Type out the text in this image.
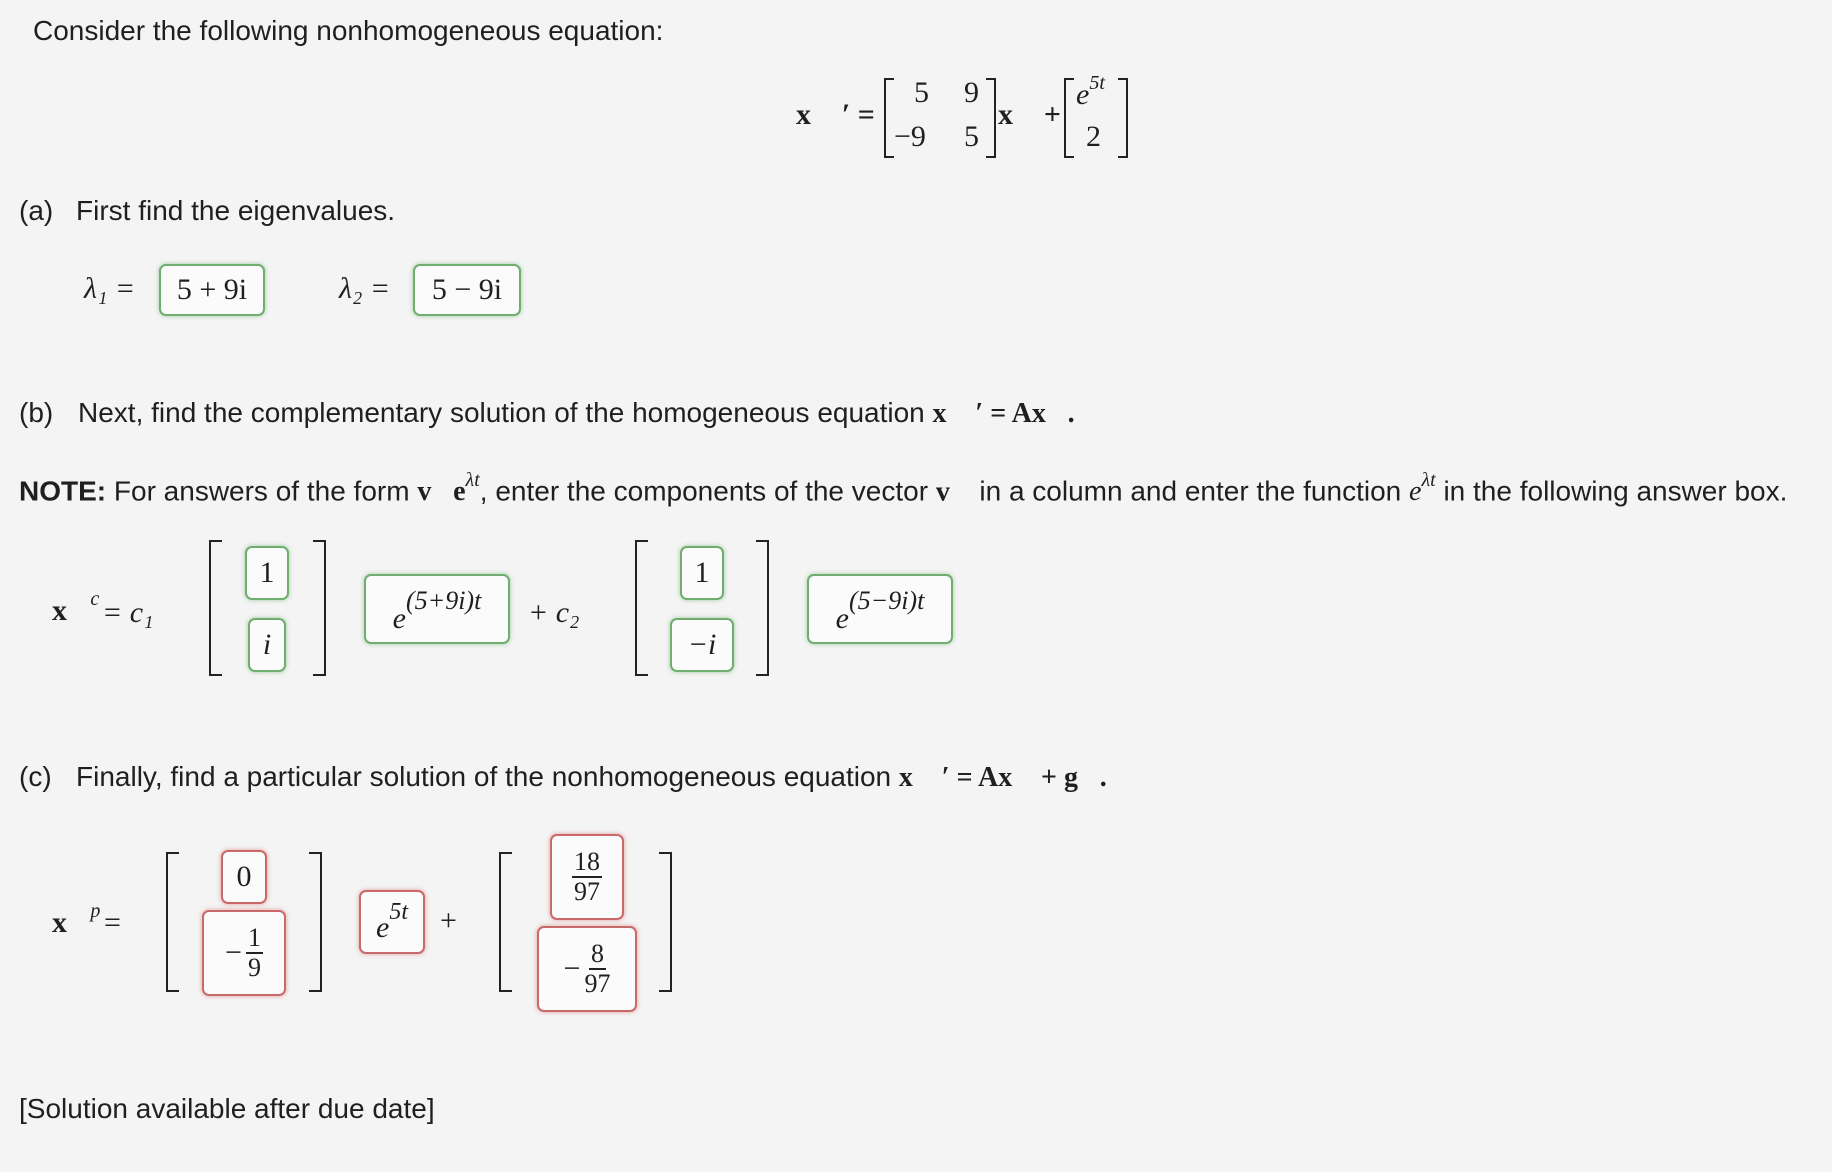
Consider the following nonhomogeneous equation:
x⃗ ′ =
5 9
−9 5
x⃗ +
$e^{5t}$
2
(a) First find the eigenvalues.
λ₁ =	5 + 9i	λ₂ =	5 − 9i
(b) Next, find the complementary solution of the homogeneous equation x⃗ ′ = Ax⃗.
NOTE: For answers of the form $v⃗e^{\lambda t}$, enter the components of the vector v⃗ in a column and enter the function $e^{\lambda t}$ in the following answer box.
x⃗$^c$ = c₁
1
i
e
(5+9i)t + c₂
1
−i
e
(5−9i)t
(c) Finally, find a particular solution of the nonhomogeneous equation x⃗ ′ = Ax⃗ + g⃗.
x⃗$^p$ =
0
− $\frac{1}{9}$	e 5t +
$\frac{18}{97}$
− $\frac{8}{97}$
[Solution available after due date]
